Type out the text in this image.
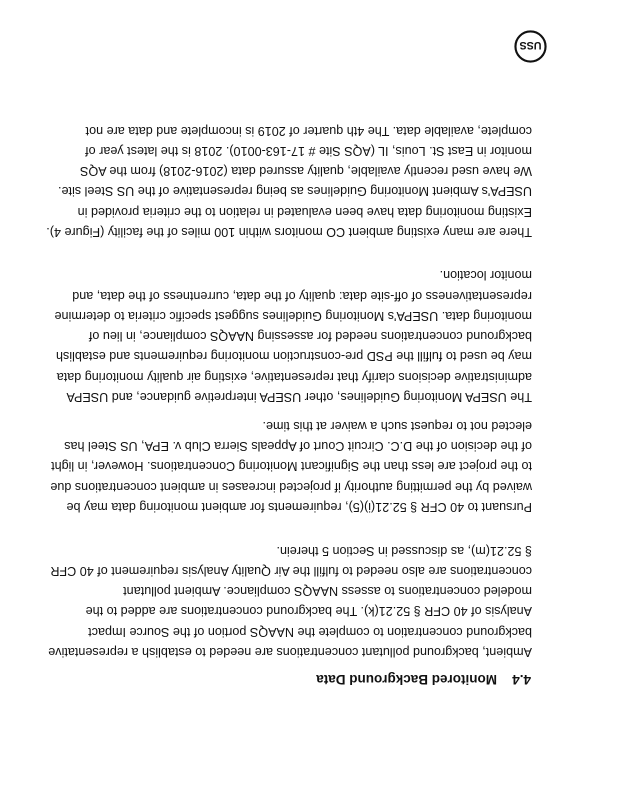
USS
4.4Monitored Background Data
Ambient, background pollutant concentrations are needed to establish a representative
background concentration to complete the NAAQS portion of the Source Impact
Analysis of 40 CFR § 52.21(k). The background concentrations are added to the
modeled concentrations to assess NAAQS compliance. Ambient pollutant
concentrations are also needed to fulfill the Air Quality Analysis requirement of 40 CFR
§ 52.21(m), as discussed in Section 5 therein.
Pursuant to 40 CFR § 52.21(i)(5), requirements for ambient monitoring data may be
waived by the permitting authority if projected increases in ambient concentrations due
to the project are less than the Significant Monitoring Concentrations. However, in light
of the decision of the D.C. Circuit Court of Appeals Sierra Club v. EPA, US Steel has
elected not to request such a waiver at this time.
The USEPA Monitoring Guidelines, other USEPA interpretive guidance, and USEPA
administrative decisions clarify that representative, existing air quality monitoring data
may be used to fulfill the PSD pre-construction monitoring requirements and establish
background concentrations needed for assessing NAAQS compliance, in lieu of
monitoring data. USEPA's Monitoring Guidelines suggest specific criteria to determine
representativeness of off-site data: quality of the data, currentness of the data, and
monitor location.
There are many existing ambient CO monitors within 100 miles of the facility (Figure 4).
Existing monitoring data have been evaluated in relation to the criteria provided in
USEPA's Ambient Monitoring Guidelines as being representative of the US Steel site.
We have used recently available, quality assured data (2016-2018) from the AQS
monitor in East St. Louis, IL (AQS Site # 17-163-0010). 2018 is the latest year of
complete, available data. The 4th quarter of 2019 is incomplete and data are not
